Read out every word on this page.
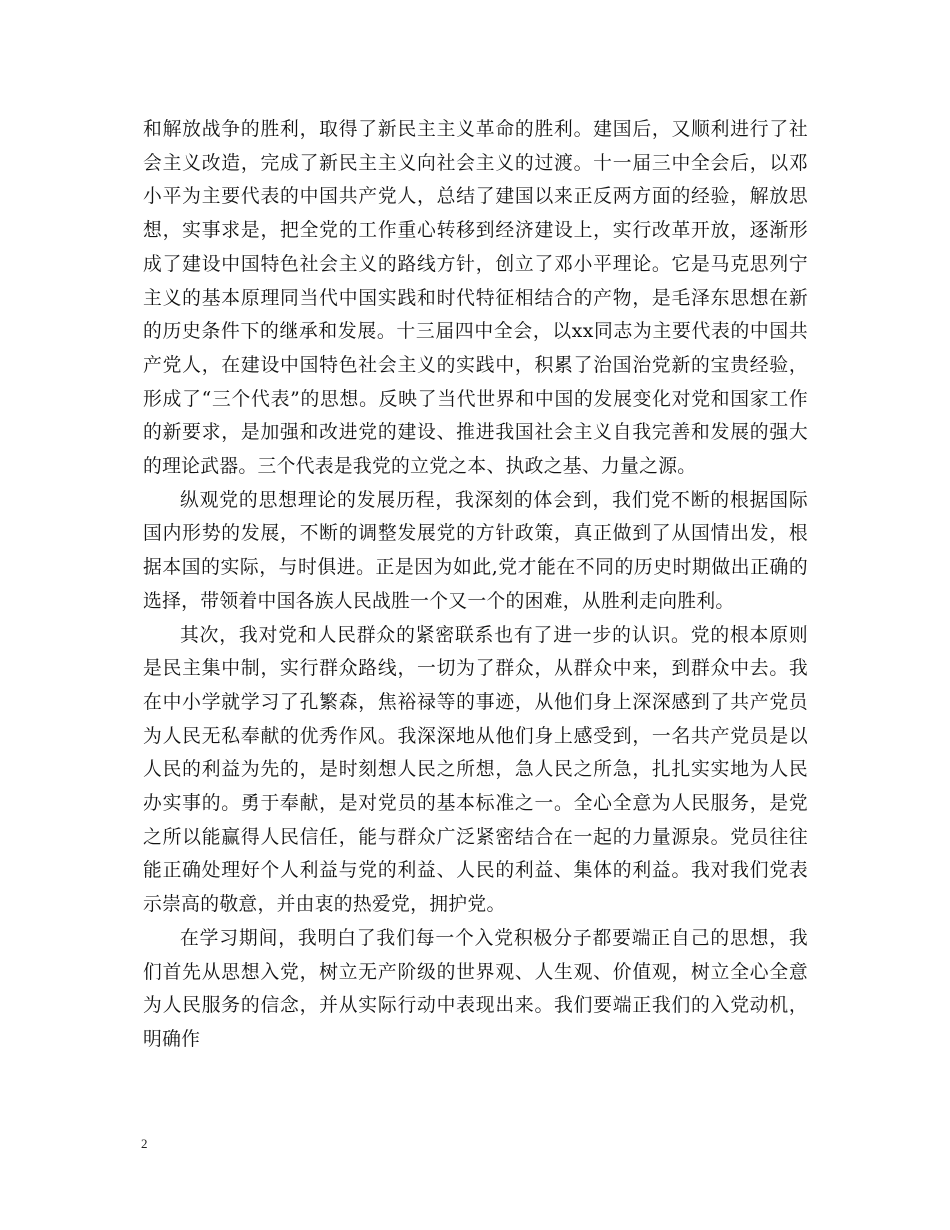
和解放战争的胜利，取得了新民主主义革命的胜利。建国后，又顺利进行了社会主义改造，完成了新民主主义向社会主义的过渡。十一届三中全会后，以邓小平为主要代表的中国共产党人，总结了建国以来正反两方面的经验，解放思想，实事求是，把全党的工作重心转移到经济建设上，实行改革开放，逐渐形成了建设中国特色社会主义的路线方针，创立了邓小平理论。它是马克思列宁主义的基本原理同当代中国实践和时代特征相结合的产物，是毛泽东思想在新的历史条件下的继承和发展。十三届四中全会，以xx同志为主要代表的中国共产党人，在建设中国特色社会主义的实践中，积累了治国治党新的宝贵经验，形成了“三个代表”的思想。反映了当代世界和中国的发展变化对党和国家工作的新要求，是加强和改进党的建设、推进我国社会主义自我完善和发展的强大的理论武器。三个代表是我党的立党之本、执政之基、力量之源。

纵观党的思想理论的发展历程，我深刻的体会到，我们党不断的根据国际国内形势的发展，不断的调整发展党的方针政策，真正做到了从国情出发，根据本国的实际，与时俱进。正是因为如此,党才能在不同的历史时期做出正确的选择，带领着中国各族人民战胜一个又一个的困难，从胜利走向胜利。

其次，我对党和人民群众的紧密联系也有了进一步的认识。党的根本原则是民主集中制，实行群众路线，一切为了群众，从群众中来，到群众中去。我在中小学就学习了孔繁森，焦裕禄等的事迹，从他们身上深深感到了共产党员为人民无私奉献的优秀作风。我深深地从他们身上感受到，一名共产党员是以人民的利益为先的，是时刻想人民之所想，急人民之所急，扎扎实实地为人民办实事的。勇于奉献，是对党员的基本标准之一。全心全意为人民服务，是党之所以能赢得人民信任，能与群众广泛紧密结合在一起的力量源泉。党员往往能正确处理好个人利益与党的利益、人民的利益、集体的利益。我对我们党表示崇高的敬意，并由衷的热爱党，拥护党。

在学习期间，我明白了我们每一个入党积极分子都要端正自己的思想，我们首先从思想入党，树立无产阶级的世界观、人生观、价值观，树立全心全意为人民服务的信念，并从实际行动中表现出来。我们要端正我们的入党动机，明确作

2
